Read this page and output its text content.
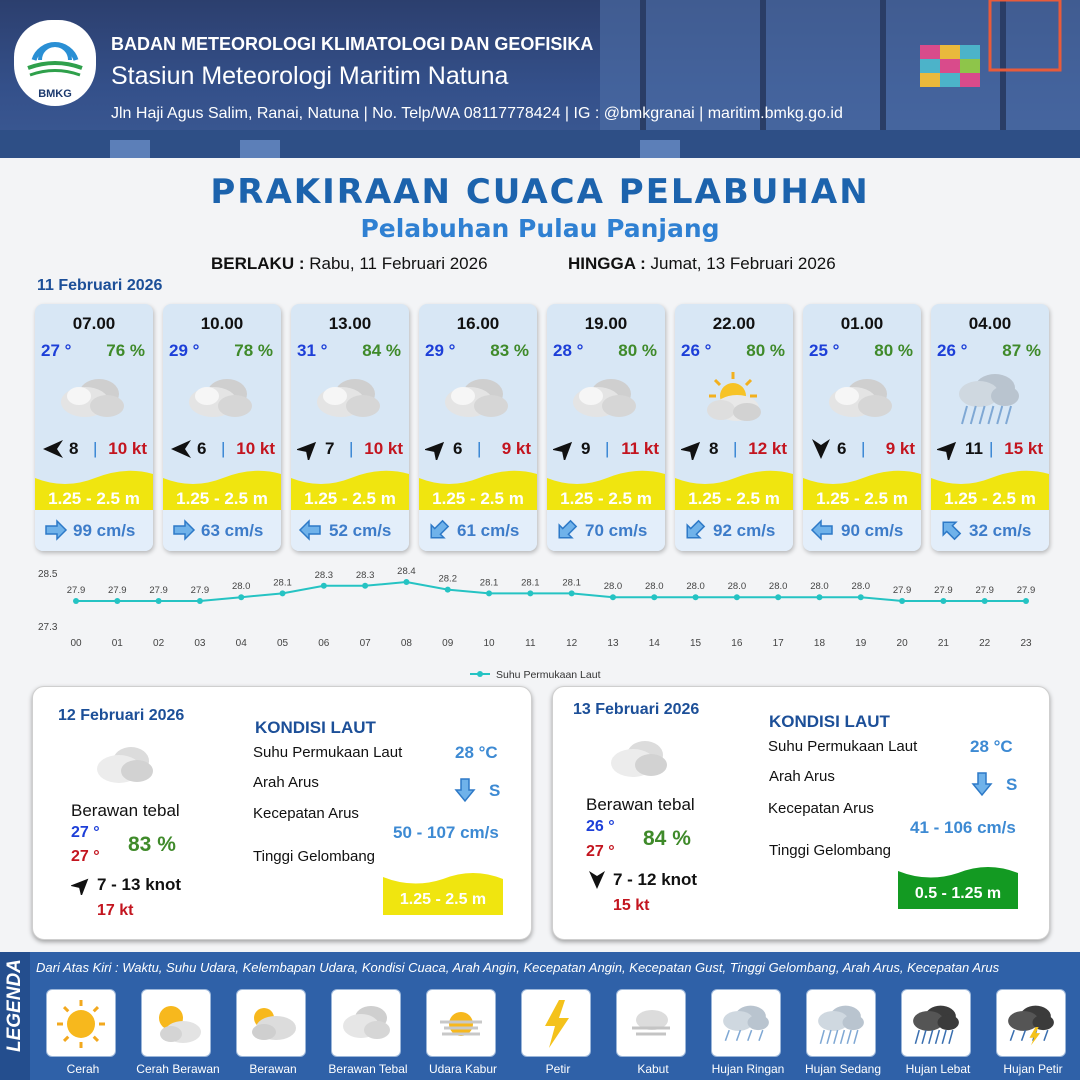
BMKG
BADAN METEOROLOGI KLIMATOLOGI DAN GEOFISIKA
Stasiun Meteorologi Maritim Natuna
Jln Haji Agus Salim, Ranai, Natuna | No. Telp/WA 08117778424 | IG : @bmkgranai | maritim.bmkg.go.id
PRAKIRAAN CUACA PELABUHAN
Pelabuhan Pulau Panjang
BERLAKU : Rabu, 11 Februari 2026	HINGGA : Jumat, 13 Februari 2026
11 Februari 2026
07.00
27 ° 76 %
8 | 10 kt
1.25 - 2.5 m
99 cm/s
10.00
29 ° 78 %
6 | 10 kt
1.25 - 2.5 m
63 cm/s
13.00
31 ° 84 %
7 | 10 kt
1.25 - 2.5 m
52 cm/s
16.00
29 ° 83 %
6 | 9 kt
1.25 - 2.5 m
61 cm/s
19.00
28 ° 80 %
9 | 11 kt
1.25 - 2.5 m
70 cm/s
22.00
26 ° 80 %
8 | 12 kt
1.25 - 2.5 m
92 cm/s
01.00
25 ° 80 %
6 | 9 kt
1.25 - 2.5 m
90 cm/s
04.00
26 ° 87 %
11 | 15 kt
1.25 - 2.5 m
32 cm/s
28.5
27.3
27.9
00
27.9
01
27.9
02
27.9
03
28.0
04
28.1
05
28.3
06
28.3
07
28.4
08
28.2
09
28.1
10
28.1
11
28.1
12
28.0
13
28.0
14
28.0
15
28.0
16
28.0
17
28.0
18
28.0
19
27.9
20
27.9
21
27.9
22
27.9
23
Suhu Permukaan Laut
12 Februari 2026
Berawan tebal
27 °
27 °
83 %
7 - 13 knot
17 kt
KONDISI LAUT
Suhu Permukaan Laut	28 °C
Arah Arus	S
Kecepatan Arus
50 - 107 cm/s
Tinggi Gelombang
1.25 - 2.5 m
13 Februari 2026
Berawan tebal
26 °
27 °
84 %
7 - 12 knot
15 kt
KONDISI LAUT
Suhu Permukaan Laut	28 °C
Arah Arus	S
Kecepatan Arus
41 - 106 cm/s
Tinggi Gelombang
0.5 - 1.25 m
LEGENDA Dari Atas Kiri : Waktu, Suhu Udara, Kelembapan Udara, Kondisi Cuaca, Arah Angin, Kecepatan Angin, Kecepatan Gust, Tinggi Gelombang, Arah Arus, Kecepatan Arus
Cerah	Cerah Berawan	Berawan	Berawan Tebal	Udara Kabur	Petir	Kabut	Hujan Ringan	Hujan Sedang	Hujan Lebat	Hujan Petir
